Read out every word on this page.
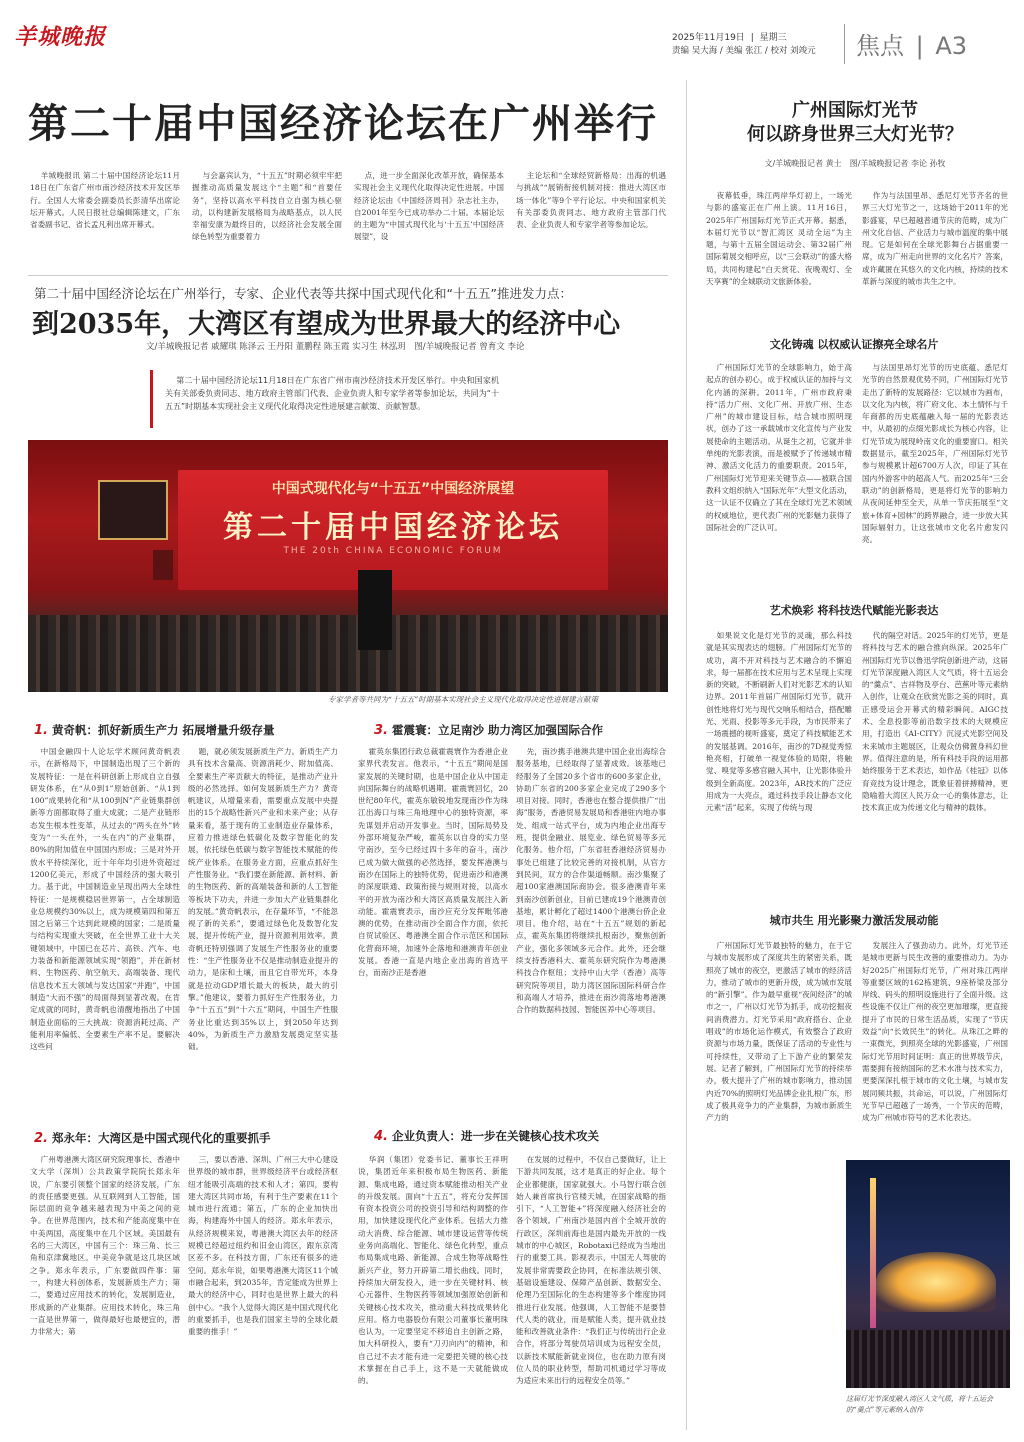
羊城晚报	2025年11月19日 | 星期三
责编 吴大海 / 美编 张江 / 校对 刘竣元 焦点 | A3
第二十届中国经济论坛在广州举行

羊城晚报讯 第二十届中国经济论坛11月18日在广东省广州市南沙经济技术开发区举行。全国人大常委会副委员长彭清华出席论坛开幕式。人民日报社总编辑陈建文，广东省委副书记、省长孟凡利出席开幕式。

与会嘉宾认为，“十五五”时期必须牢牢把握推动高质量发展这个“主题”和“首要任务”，坚持以高水平科技自立自强为核心驱动，以构建新发展格局为战略基点，以人民幸福安康为最终目的，以经济社会发展全面绿色转型为重要着力

点，进一步全面深化改革开放，确保基本实现社会主义现代化取得决定性进展。中国经济论坛由《中国经济周刊》杂志社主办，自2001年至今已成功举办二十届。本届论坛的主题为“中国式现代化与‘十五五’中国经济展望”，设

主论坛和“全球经贸新格局：出海的机遇与挑战”“展销衔接机制对接：推进大湾区市场一体化”等9个平行论坛。中央和国家机关有关部委负责同志、地方政府主管部门代表、企业负责人和专家学者等参加论坛。

第二十届中国经济论坛在广州举行，专家、企业代表等共探中国式现代化和“十五五”推进发力点：
到2035年，大湾区有望成为世界最大的经济中心
文/羊城晚报记者 戚耀琪 陈泽云 王丹阳 董鹏程 陈玉霞 实习生 林泓玥　图/羊城晚报记者 曾育文 李论
第二十届中国经济论坛11月18日在广东省广州市南沙经济技术开发区举行。中央和国家机关有关部委负责同志、地方政府主管部门代表、企业负责人和专家学者等参加论坛，共同为“十五五”时期基本实现社会主义现代化取得决定性进展建言献策、贡献智慧。
中国式现代化与“十五五”中国经济展望
第二十届中国经济论坛
THE 20th CHINA ECONOMIC FORUM
专家学者等共同为“十五五”时期基本实现社会主义现代化取得决定性进展建言献策
1. 黄奇帆：抓好新质生产力 拓展增量升级存量

中国金融四十人论坛学术顾问黄奇帆表示，在新格局下，中国制造出现了三个新的发展特征：一是在科研创新上形成自立自强研发体系，在“从0到1”原始创新、“从1到100”成果转化和“从100到N”产业链集群创新等方面都取得了重大成就；二是产业链形态发生根本性变革，从过去的“两头在外”转变为“一头在外，一头在内”的产业集群，80%的附加值在中国国内形成；三是对外开放水平持续深化，近十年年均引进外资超过1200亿美元，形成了中国经济的强大吸引力。基于此，中国制造业呈现出两大全球性特征：一是规模稳居世界第一，占全球制造业总规模约30%以上，成为规模第四和第五国之后第三个达到此规模的国家；二是质量与结构实现重大突破，在全世界工业十大关键领域中，中国已在芯片、高铁、汽车、电力装备和新能源领域实现“领跑”，并在新材料、生物医药、航空航天、高端装备、现代信息技术五大领域与发达国家“并跑”，中国制造“大而不强”的局面得到显著改观。在肯定成就的同时，黄奇帆也清醒地指出了中国制造业面临的三大挑战：资源消耗过高、产能利用率偏低、全要素生产率不足。要解决这些问

题，就必须发展新质生产力。新质生产力具有技术含量高、资源消耗少、附加值高、全要素生产率贡献大的特征，是推动产业升级的必然选择。如何发展新质生产力？黄奇帆建议，从增量来看，需要重点发展中央提出的15个战略性新兴产业和未来产业；从存量来看，基于现有的工业制造业存量体系，应着力推进绿色低碳化及数字智能化的发展，依托绿色低碳与数字智能技术赋能的传统产业体系。在服务业方面，应重点抓好生产性服务业。“我们要在新能源、新材料、新的生物医药、新的高端装备和新的人工智能等板块下功夫，并进一步加大产业链集群化的发展。”黄奇帆表示，在存量环节，“不能忽视了新的关系”，要通过绿色化及数智化发展，提升传统产业，提升资源利用效率。黄奇帆还特别强调了发展生产性服务业的重要性：“生产性服务业不仅是推动制造业提升的动力，是床和土壤，而且它自带光环，本身就是拉动GDP增长最大的板块，最大的引擎。”他建议，要着力抓好生产性服务业，力争“十五五”到“十六五”期间，中国生产性服务业比重达到35%以上，到2050年达到40%，为新质生产力激励发展奠定坚实基础。

3. 霍震寰：立足南沙 助力湾区加强国际合作

霍英东集团行政总裁霍震寰作为香港企业家界代表发言。他表示，“十五五”期间是国家发展的关键时期，也是中国企业从中国走向国际舞台的战略机遇期。霍震寰回忆，20世纪80年代，霍英东敏锐地发现南沙作为珠江出海口与珠三角地理中心的独特资源，率先谋划并启动开发事业。当时，国际局势及外部环境复杂严峻，霍英东以自身的实力坚守南沙，至今已经过四十多年的奋斗，南沙已成为做大做强的必然选择，要发挥港澳与南沙在国际上的独特优势，促进南沙和港澳的深度联通、政策衔接与规则对接，以高水平的开放为南沙和大湾区高质量发展注入新动能。霍震寰表示，南沙应充分发挥毗邻港澳的优势，在推动南沙全面合作方面，依托自贸试验区、粤港澳全面合作示范区和国际化营商环境，加速外企落地和港澳青年创业发展。香港一直是内地企业出海的首选平台，而南沙正是香港

先，南沙携手港澳共建中国企业出海综合服务基地，已经取得了显著成效。该基地已经服务了全国20多个省市的600多家企业，协助广东省的200多家企业完成了290多个项目对接。同时，香港也在整合提供推广“出海”服务，香港贸易发展局和香港驻内地办事处、组成一站式平台，成为内地企业出海专班，提供金融业、展览业、绿色贸易等多元化服务。他介绍，广东省驻香港经济贸易办事处已组建了比较完善的对接机制，从官方到民间，双方的合作渠道畅顺。南沙集聚了超100家港澳国际商协会。很多港澳青年来到南沙创新创业，目前已建成19个港澳青创基地，累计孵化了超过1400个港澳台侨企业项目。他介绍，站在“十五五”规划的新起点，霍英东集团将继续扎根南沙，聚焦创新产业，强化多领域多元合作。此外，还会继续支持香港科大、霍英东研究院作为粤港澳科技合作枢纽；支持中山大学（香港）高等研究院等项目，助力湾区国际国际科研合作和高端人才培养，推进在南沙湾落地粤港澳合作的数据科技园、智能医养中心等项目。

2. 郑永年：大湾区是中国式现代化的重要抓手

广州粤港澳大湾区研究院理事长、香港中文大学（深圳）公共政策学院院长郑永年说，广东要引领整个国家的经济发展，广东的责任感要更强。从互联网到人工智能，国际层面的竞争越来越表现为中美之间的竞争。在世界范围内，技术和产能高度集中在中美两国，高度集中在几个区域。美国最有名的三大湾区，中国有三个：珠三角、长三角和京津冀地区。中美竞争就是这几块区域之争。郑永年表示，广东要做四件事：第一，构建大科创体系，发展新质生产力；第二，要通过应用技术的转化，发展制造业，形成新的产业集群。应用技术转化，珠三角一直是世界第一，做得最好也最便宜的，潜力非常大；第

三，要以香港、深圳、广州三大中心建设世界级的城市群，世界级经济平台或经济枢纽才能吸引高端的技术和人才；第四，要构建大湾区共同市场，有利于生产要素在11个城市进行流通；第五，广东的企业加快出海，构建海外中国人的经济。郑永年表示，从经济规模来说，粤港澳大湾区去年的经济规模已经超过纽约和旧金山湾区，跟东京湾区差不多。在科技方面，广东还有很多的进空间。郑永年说，如果粤港澳大湾区11个城市融合起来，到2035年，肯定能成为世界上最大的经济中心，同时也是世界上最大的科创中心。“我个人觉得大湾区是中国式现代化的重要抓手，也是我们国家主导的全球化最重要的推手！”

4. 企业负责人：进一步在关键核心技术攻关

华润（集团）党委书记、董事长王祥明说，集团近年来积极布局生物医药、新能源、集成电路，通过资本赋能推动相关产业的升级发展。面向“十五五”，将充分发挥国有资本投资公司的投资引导和结构调整的作用，加快建设现代化产业体系。包括大力推动大消费、综合能源、城市建设运营等传统业务向高端化、智能化、绿色化转型，重点布局集成电路、新能源、合成生物等战略性新兴产业，努力开辟第二增长曲线。同时，持续加大研发投入，进一步在关键材料、核心元器件、生物医药等领域加强原始创新和关键核心技术攻关，推动重大科技成果转化应用。格力电器股份有限公司董事长董明珠也认为，一定要坚定不移追自主创新之路，加大科研投入，要有“刀刃向内”的精神，和自己过不去才能有进一定要把关键的核心技术掌握在自己手上，这不是一天就能做成的。

在发展的过程中，不仅自己要做好，让上下游共同发展，这才是真正的好企业。每个企业都健康，国家就强大。小马智行联合创始人兼首席执行官楼天城，在国家战略的指引下，“人工智能+”将深度融入经济社会的各个领域。广州南沙是国内首个全城开放的行政区，深圳前海也是国内最先开放的一线城市的中心城区，Robotaxi已经成为当地出行的重要工具。影视表示，中国无人驾驶的发展非常需要政企协同，在标准法规引领、基础设施建设、保障产品创新、数据安全、伦理乃至国际化的生态构建等多个维度协同推进行业发展。他强调，人工智能不是要替代人类的就业，而是赋能人类，提升就业技能和改善就业条件：“我们正与传统出行企业合作，将部分驾驶员培训成为远程安全员，以新技术赋能新就业岗位，也在助力原有岗位人员的职业转型，帮助司机通过学习等成为适应未来出行的远程安全员等。”

广州国际灯光节
何以跻身世界三大灯光节？
文/羊城晚报记者 黄士　图/羊城晚报记者 李论 孙牧

夜幕低垂，珠江两岸华灯初上，一场光与影的盛宴正在广州上演。11月16日，2025年广州国际灯光节正式开幕。据悉，本届灯光节以“智汇湾区 灵动全运”为主题，与第十五届全国运动会、第32届广州国际菊展交相呼应，以“三会联动”的盛大格局，共同构建起“白天赏花、夜晚观灯、全天享赛”的全城联动文旅新体验。

作为与法国里昂、悉尼灯光节齐名的世界三大灯光节之一，这场始于2011年的光影盛宴，早已超越普通节庆的范畴，成为广州文化自信、产业活力与城市温度的集中展现。它是如何在全球光影舞台占据重要一席，成为广州走向世界的文化名片？答案，或许藏匿在其悠久的文化内核，持续的技术革新与深度的城市共生之中。

文化铸魂 以权威认证擦亮全球名片

广州国际灯光节的全球影响力，始于高起点的创办初心，成于权威认证的加持与文化内涵的深耕。2011年，广州市政府秉持“活力广州、文化广州、开放广州、生态广州”的城市建设目标，结合城市照明现状，创办了这一承载城市文化宣传与产业发展使命的主题活动。从诞生之初，它就并非单纯的光影表演，而是被赋予了传递城市精神、激活文化活力的重要职责。2015年，广州国际灯光节迎来关键节点——被联合国教科文组织纳入“国际光年”大型文化活动，这一认证不仅确立了其在全球灯光艺术领域的权威地位，更代表广州的光影魅力获得了国际社会的广泛认可。

与法国里昂灯光节的历史底蕴、悉尼灯光节的自然景观优势不同，广州国际灯光节走出了新特的发展路径：它以城市为画布，以文化为内核，将广府文化、本土情怀与千年商都的历史底蕴融入每一届的光影表达中，从最初的点缀光影成长为核心内容，让灯光节成为展现岭南文化的重要窗口。相关数据显示，截至2025年，广州国际灯光节参与规模累计超6700万人次，印证了其在国内外游客中的超高人气。而2025年“三会联动”的创新格局，更是将灯光节的影响力从夜间延伸至全天，从单一节庆拓展至“文旅+体育+园林”的跨界融合，进一步放大其国际辐射力，让这张城市文化名片愈发闪亮。

艺术焕彩 将科技迭代赋能光影表达

如果说文化是灯光节的灵魂，那么科技就是其实现表达的翅膀。广州国际灯光节的成功，离不开对科技与艺术融合的不懈追求，每一届都在技术应用与艺术呈现上实现新的突破，不断刷新人们对光影艺术的认知边界。2011年首届广州国际灯光节，就开创性地将灯光与现代交响乐相结合，搭配雕光、光雨、投影等多元手段，为市民带来了一场震撼的视听盛宴，奠定了科技赋能艺术的发展基调。2016年，南沙的7D视觉秀惊艳亮相，打破单一视觉体验的局限，将触觉、嗅觉等多感官融入其中，让光影体验升级到全新高度。2023年，AR技术的广泛应用成为一大亮点，通过科技手段让静态文化元素“活”起来，实现了传统与现

代的隔空对话。2025年的灯光节，更是将科技与艺术的融合推向纵深。2025年广州国际灯光节以鲁迅学院创新进产动，这届灯光节深度融入湾区人文气质，将十五运会的“羹点”、吉祥物及亭台、芭蕉叶等元素纳入创作，让观众在欣赏光影之美的同时，真正感受运会开幕式的精彩瞬间。AIGC技术、全息投影等前沿数字技术的大规模应用，打造出《AI-CITY》沉浸式光影空间及未来城市主题展区，让观众仿佛置身科幻世界。值得注意的是，所有科技手段的运用都始终服务于艺术表达，如作品《桂冠》以体育竞技为设计理念，既象征着拼搏精神，更隐喻着大湾区人民万众一心的集体意志，让技术真正成为传递文化与精神的载体。

城市共生 用光影聚力激活发展动能

广州国际灯光节最独特的魅力，在于它与城市发展形成了深度共生的紧密关系，既照亮了城市的夜空，更激活了城市的经济活力，推动了城市的更新升级，成为城市发展的“新引擎”。作为最早重视“夜间经济”的城市之一，广州以灯光节为抓手，成功挖掘夜间消费潜力。灯光节采用“政府搭台、企业唱戏”的市场化运作模式，有效整合了政府资源与市场力量，既保证了活动的专业性与可持续性，又带动了上下游产业的繁荣发展。记者了解到，广州国际灯光节的持续举办，极大提升了广州的城市影响力，推动国内近70%的照明灯光品牌企业扎根广东，形成了极具竞争力的产业集群，为城市新质生产力的

发展注入了强劲动力。此外，灯光节还是城市更新与民生改善的重要推动力。为办好2025广州国际灯光节，广州对珠江两岸等重要区域的162栋建筑、9座桥梁及部分岸线、码头的照明设施进行了全面升级。这些设施不仅让广州的夜空更加璀璨，更直接提升了市民的日常生活品质，实现了“节庆效益”向“长效民生”的转化。从珠江之畔的一束微光，到照亮全球的光影盛宴，广州国际灯光节用时间证明：真正的世界级节庆，需要拥有接纳国际的艺术水准与技术实力，更要深深扎根于城市的文化土壤，与城市发展同频共振，共命运，可以说，广州国际灯光节早已超越了一场秀，一个节庆的范畴，成为广州城市符号的艺术化表达。

这届灯光节深度融入湾区人文气质，将十五运会的“羹点”等元素纳入创作
